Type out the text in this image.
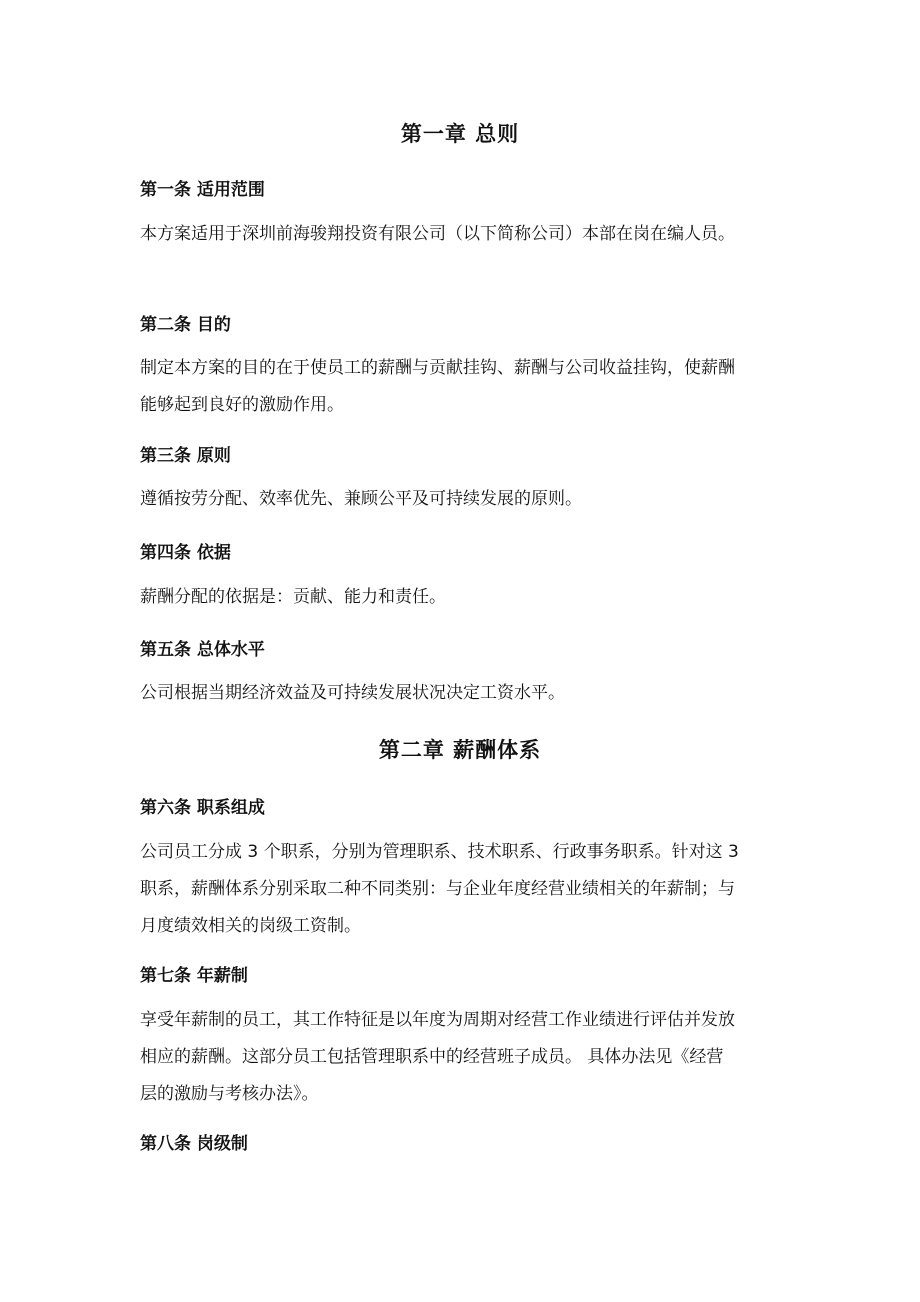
第一章 总则
第一条 适用范围

本方案适用于深圳前海骏翔投资有限公司（以下简称公司）本部在岗在编人员。

第二条 目的

制定本方案的目的在于使员工的薪酬与贡献挂钩、薪酬与公司收益挂钩，使薪酬
能够起到良好的激励作用。

第三条 原则

遵循按劳分配、效率优先、兼顾公平及可持续发展的原则。

第四条 依据

薪酬分配的依据是：贡献、能力和责任。

第五条 总体水平

公司根据当期经济效益及可持续发展状况决定工资水平。

第二章 薪酬体系
第六条 职系组成

公司员工分成 3 个职系，分别为管理职系、技术职系、行政事务职系。针对这 3
职系，薪酬体系分别采取二种不同类别：与企业年度经营业绩相关的年薪制；与
月度绩效相关的岗级工资制。

第七条 年薪制

享受年薪制的员工，其工作特征是以年度为周期对经营工作业绩进行评估并发放
相应的薪酬。这部分员工包括管理职系中的经营班子成员。 具体办法见《经营
层的激励与考核办法》。

第八条 岗级制
